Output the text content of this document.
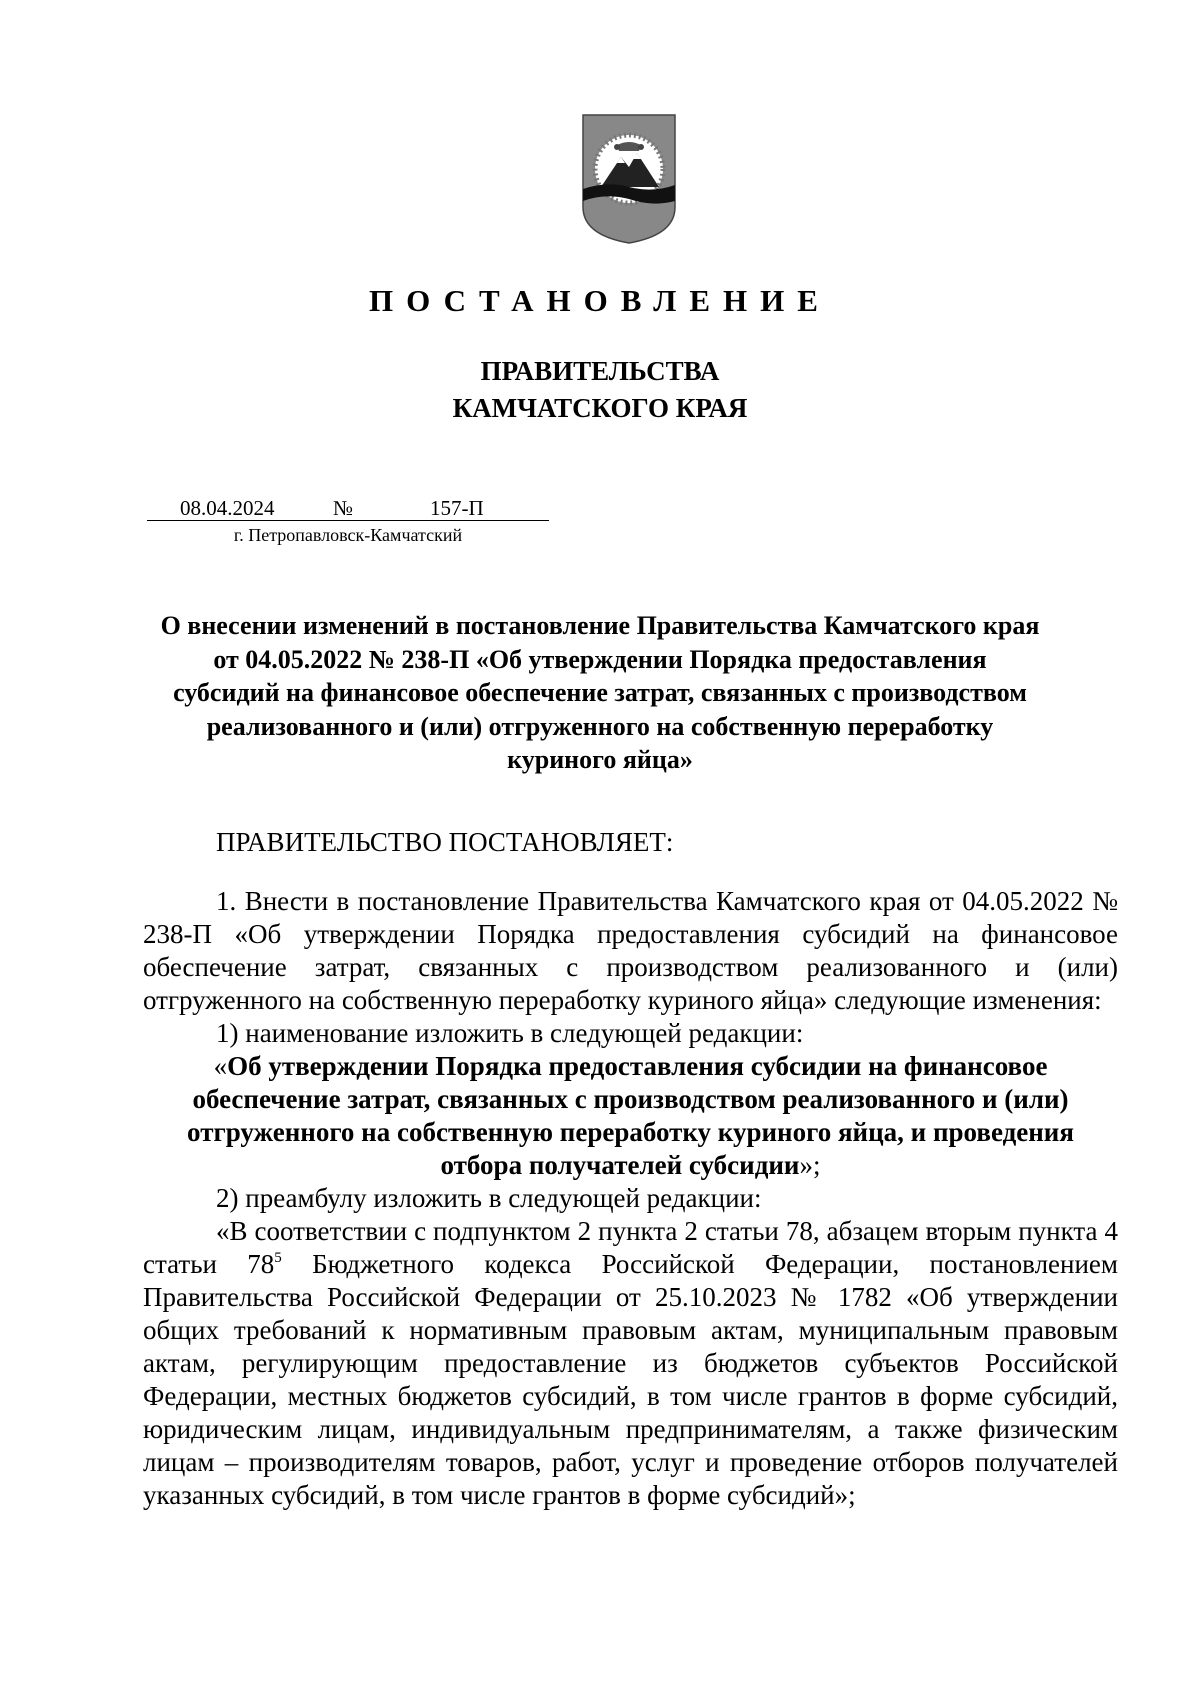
ПОСТАНОВЛЕНИЕ
ПРАВИТЕЛЬСТВА
КАМЧАТСКОГО КРАЯ
08.04.2024	№	157-П
г. Петропавловск-Камчатский
О внесении изменений в постановление Правительства Камчатского края
от 04.05.2022 № 238-П «Об утверждении Порядка предоставления
субсидий на финансовое обеспечение затрат, связанных с производством
реализованного и (или) отгруженного на собственную переработку
куриного яйца»
ПРАВИТЕЛЬСТВО ПОСТАНОВЛЯЕТ:

1. Внести в постановление Правительства Камчатского края от 04.05.2022 № 238-П «Об утверждении Порядка предоставления субсидий на финансовое обеспечение затрат, связанных с производством реализованного и (или) отгруженного на собственную переработку куриного яйца» следующие изменения:

1) наименование изложить в следующей редакции:

«Об утверждении Порядка предоставления субсидии на финансовое обеспечение затрат, связанных с производством реализованного и (или) отгруженного на собственную переработку куриного яйца, и проведения отбора получателей субсидии»;

2) преамбулу изложить в следующей редакции:

«В соответствии с подпунктом 2 пункта 2 статьи 78, абзацем вторым пункта 4 статьи $78^5$ Бюджетного кодекса Российской Федерации, постановлением Правительства Российской Федерации от 25.10.2023 № 1782 «Об утверждении общих требований к нормативным правовым актам, муниципальным правовым актам, регулирующим предоставление из бюджетов субъектов Российской Федерации, местных бюджетов субсидий, в том числе грантов в форме субсидий, юридическим лицам, индивидуальным предпринимателям, а также физическим лицам – производителям товаров, работ, услуг и проведение отборов получателей указанных субсидий, в том числе грантов в форме субсидий»;
